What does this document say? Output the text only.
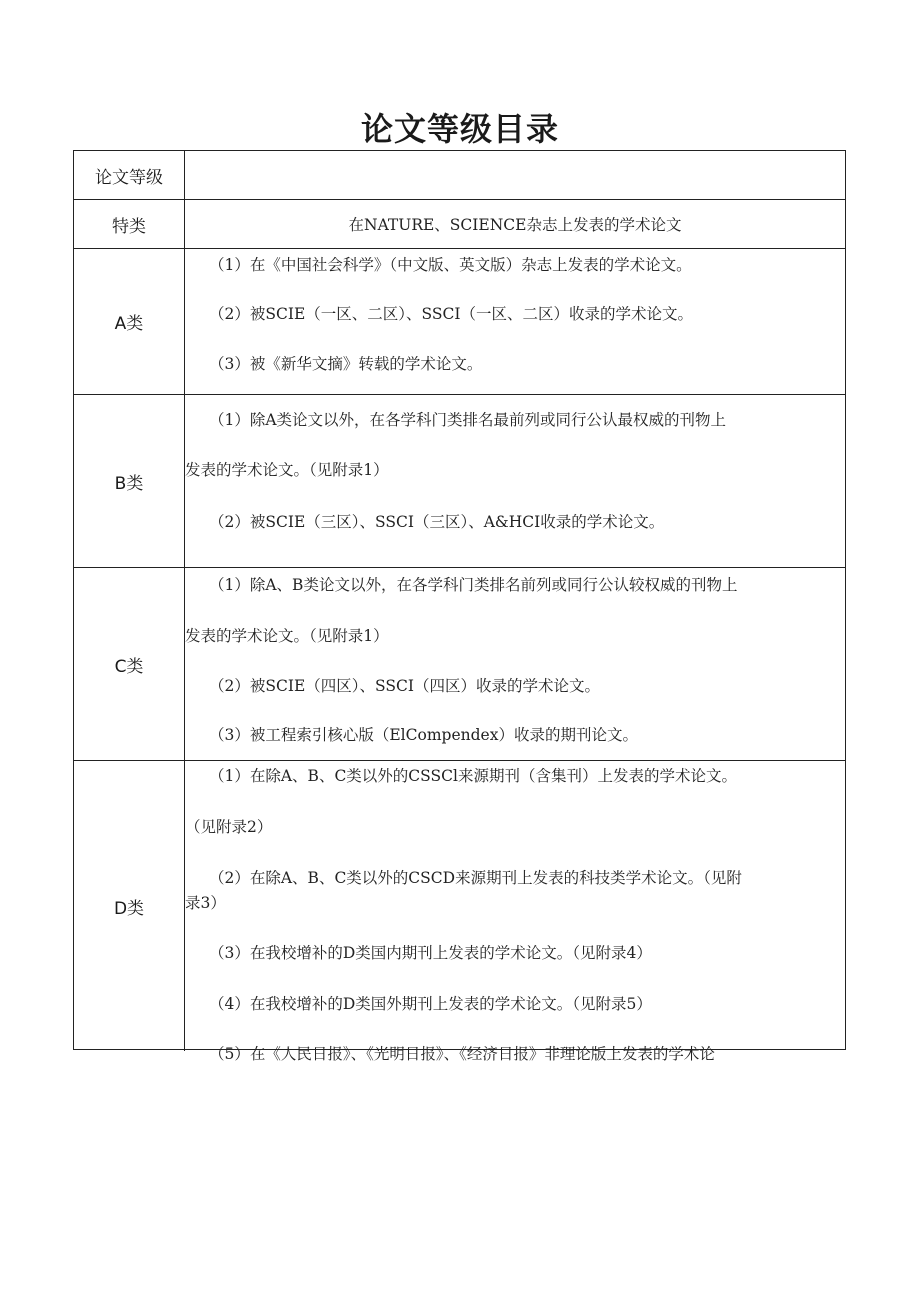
论文等级目录
论文等级
特类	在NATURE、SCIENCE杂志上发表的学术论文
A类
（1）在《中国社会科学》（中文版、英文版）杂志上发表的学术论文。
（2）被SCIE（一区、二区）、SSCI（一区、二区）收录的学术论文。
（3）被《新华文摘》转载的学术论文。
B类
（1）除A类论文以外，在各学科门类排名最前列或同行公认最权威的刊物上
发表的学术论文。（见附录1）
（2）被SCIE（三区）、SSCI（三区）、A&HCI收录的学术论文。
C类
（1）除A、B类论文以外，在各学科门类排名前列或同行公认较权威的刊物上
发表的学术论文。（见附录1）
（2）被SCIE（四区）、SSCI（四区）收录的学术论文。
（3）被工程索引核心版（ElCompendex）收录的期刊论文。
D类
（1）在除A、B、C类以外的CSSCl来源期刊（含集刊）上发表的学术论文。
（见附录2）
（2）在除A、B、C类以外的CSCD来源期刊上发表的科技类学术论文。（见附
录3）
（3）在我校增补的D类国内期刊上发表的学术论文。（见附录4）
（4）在我校增补的D类国外期刊上发表的学术论文。（见附录5）
（5）在《人民日报》、《光明日报》、《经济日报》非理论版上发表的学术论
